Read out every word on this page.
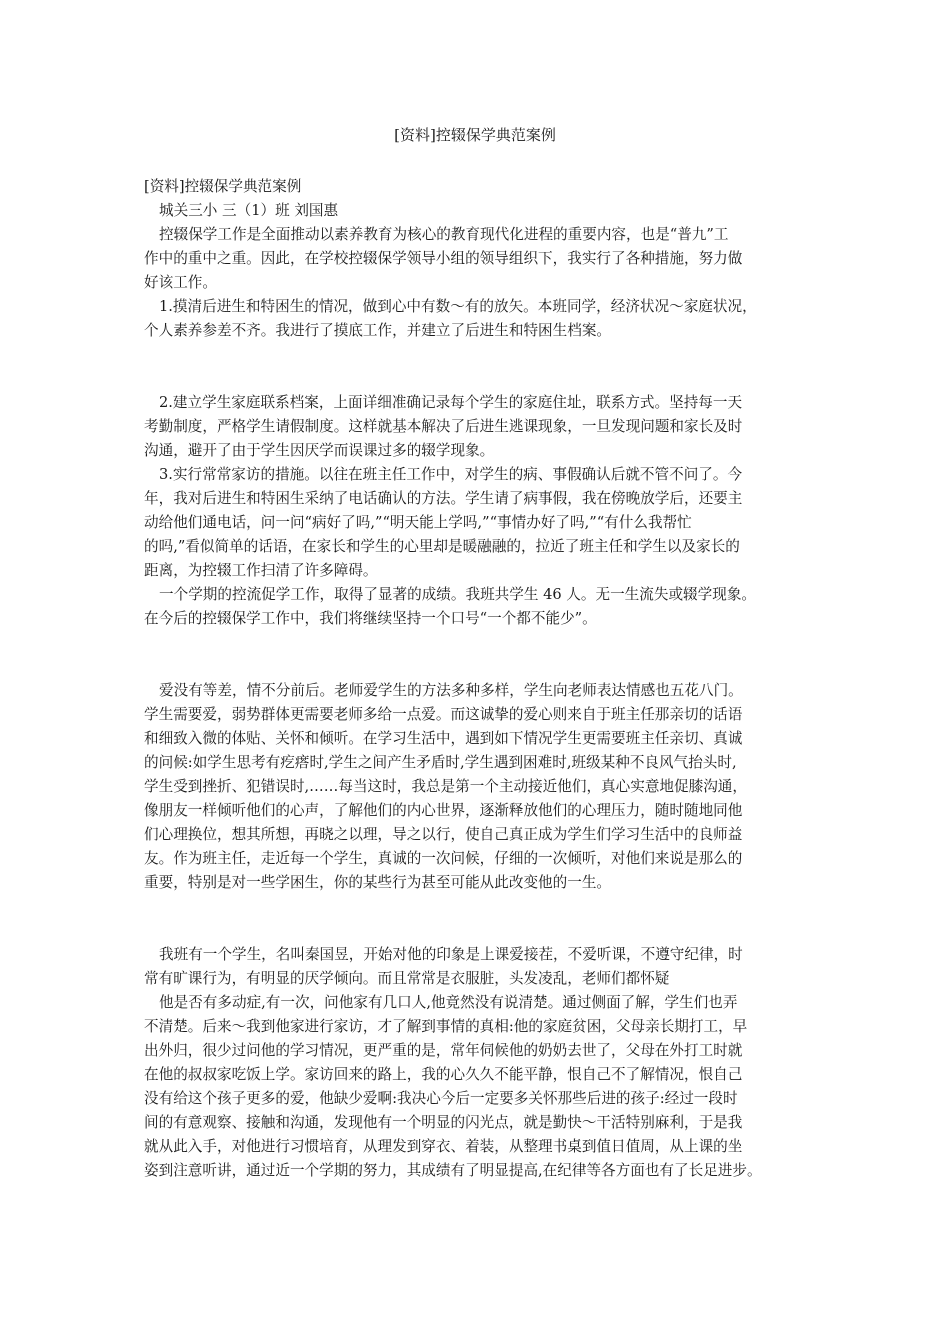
[资料]控辍保学典范案例

[资料]控辍保学典范案例

城关三小 三（1）班 刘国惠

控辍保学工作是全面推动以素养教育为核心的教育现代化进程的重要内容，也是“普九”工

作中的重中之重。因此，在学校控辍保学领导小组的领导组织下，我实行了各种措施，努力做

好该工作。

1.摸清后进生和特困生的情况，做到心中有数～有的放矢。本班同学，经济状况～家庭状况，

个人素养参差不齐。我进行了摸底工作，并建立了后进生和特困生档案。

2.建立学生家庭联系档案，上面详细准确记录每个学生的家庭住址，联系方式。坚持每一天

考勤制度，严格学生请假制度。这样就基本解决了后进生逃课现象，一旦发现问题和家长及时

沟通，避开了由于学生因厌学而误课过多的辍学现象。

3.实行常常家访的措施。以往在班主任工作中，对学生的病、事假确认后就不管不问了。今

年，我对后进生和特困生采纳了电话确认的方法。学生请了病事假，我在傍晚放学后，还要主

动给他们通电话，问一问“病好了吗,”“明天能上学吗,”“事情办好了吗,”“有什么我帮忙

的吗,”看似简单的话语，在家长和学生的心里却是暖融融的，拉近了班主任和学生以及家长的

距离，为控辍工作扫清了许多障碍。

一个学期的控流促学工作，取得了显著的成绩。我班共学生 46 人。无一生流失或辍学现象。

在今后的控辍保学工作中，我们将继续坚持一个口号“一个都不能少”。

爱没有等差，情不分前后。老师爱学生的方法多种多样，学生向老师表达情感也五花八门。

学生需要爱，弱势群体更需要老师多给一点爱。而这诚挚的爱心则来自于班主任那亲切的话语

和细致入微的体贴、关怀和倾听。在学习生活中，遇到如下情况学生更需要班主任亲切、真诚

的问候:如学生思考有疙瘩时,学生之间产生矛盾时,学生遇到困难时,班级某种不良风气抬头时,

学生受到挫折、犯错误时,……每当这时，我总是第一个主动接近他们，真心实意地促膝沟通，

像朋友一样倾听他们的心声，了解他们的内心世界，逐渐释放他们的心理压力，随时随地同他

们心理换位，想其所想，再晓之以理，导之以行，使自己真正成为学生们学习生活中的良师益

友。作为班主任，走近每一个学生，真诚的一次问候，仔细的一次倾听，对他们来说是那么的

重要，特别是对一些学困生，你的某些行为甚至可能从此改变他的一生。

我班有一个学生，名叫秦国昱，开始对他的印象是上课爱接茬，不爱听课，不遵守纪律，时

常有旷课行为，有明显的厌学倾向。而且常常是衣服脏，头发凌乱，老师们都怀疑

他是否有多动症,有一次，问他家有几口人,他竟然没有说清楚。通过侧面了解，学生们也弄

不清楚。后来～我到他家进行家访，才了解到事情的真相:他的家庭贫困，父母亲长期打工，早

出外归，很少过问他的学习情况，更严重的是，常年伺候他的奶奶去世了，父母在外打工时就

在他的叔叔家吃饭上学。家访回来的路上，我的心久久不能平静，恨自己不了解情况，恨自己

没有给这个孩子更多的爱，他缺少爱啊:我决心今后一定要多关怀那些后进的孩子:经过一段时

间的有意观察、接触和沟通，发现他有一个明显的闪光点，就是勤快～干活特别麻利，于是我

就从此入手，对他进行习惯培育，从理发到穿衣、着装，从整理书桌到值日值周，从上课的坐

姿到注意听讲，通过近一个学期的努力，其成绩有了明显提高,在纪律等各方面也有了长足进步。
